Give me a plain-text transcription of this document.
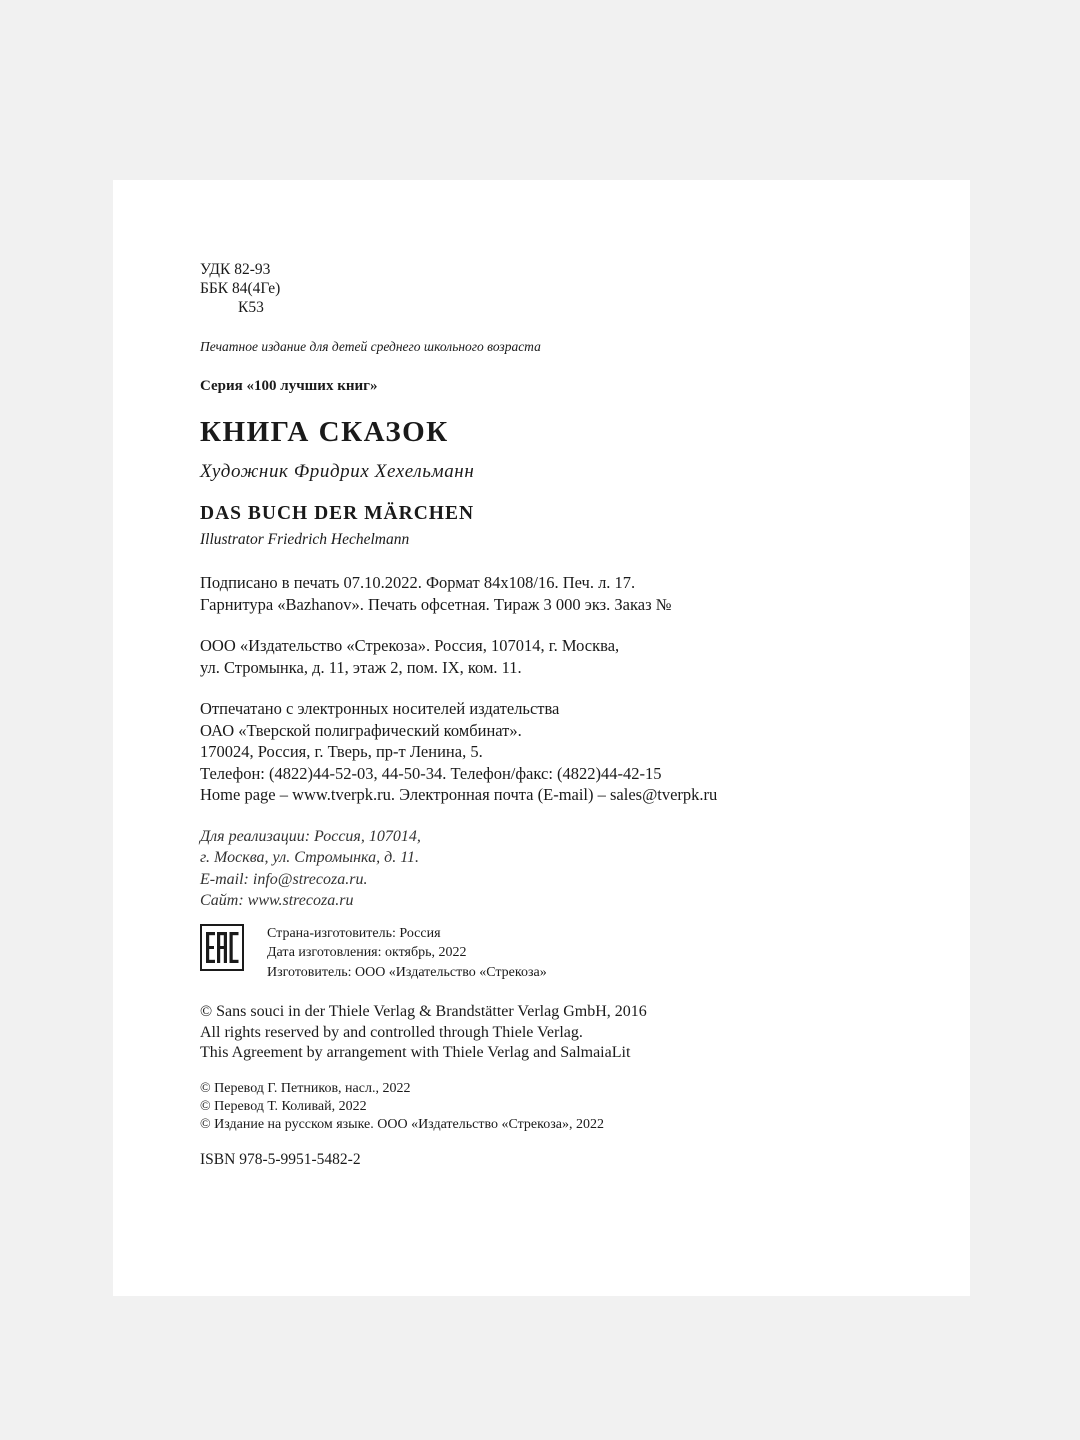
УДК 82-93
ББК 84(4Ге)
К53
Печатное издание для детей среднего школьного возраста
Серия «100 лучших книг»
КНИГА СКАЗОК
Художник Фридрих Хехельманн
DAS BUCH DER MÄRCHEN
Illustrator Friedrich Hechelmann
Подписано в печать 07.10.2022. Формат 84x108/16. Печ. л. 17.
Гарнитура «Bazhanov». Печать офсетная. Тираж 3 000 экз. Заказ №
ООО «Издательство «Стрекоза». Россия, 107014, г. Москва,
ул. Стромынка, д. 11, этаж 2, пом. IX, ком. 11.
Отпечатано с электронных носителей издательства
ОАО «Тверской полиграфический комбинат».
170024, Россия, г. Тверь, пр-т Ленина, 5.
Телефон: (4822)44-52-03, 44-50-34. Телефон/факс: (4822)44-42-15
Home page – www.tverpk.ru. Электронная почта (E-mail) – sales@tverpk.ru
Для реализации: Россия, 107014,
г. Москва, ул. Стромынка, д. 11.
E-mail: info@strecoza.ru.
Сайт: www.strecoza.ru
Страна-изготовитель: Россия
Дата изготовления: октябрь, 2022
Изготовитель: ООО «Издательство «Стрекоза»
© Sans souci in der Thiele Verlag & Brandstätter Verlag GmbH, 2016
All rights reserved by and controlled through Thiele Verlag.
This Agreement by arrangement with Thiele Verlag and SalmaiaLit
© Перевод Г. Петников, насл., 2022
© Перевод Т. Коливай, 2022
© Издание на русском языке. ООО «Издательство «Стрекоза», 2022
ISBN 978-5-9951-5482-2
